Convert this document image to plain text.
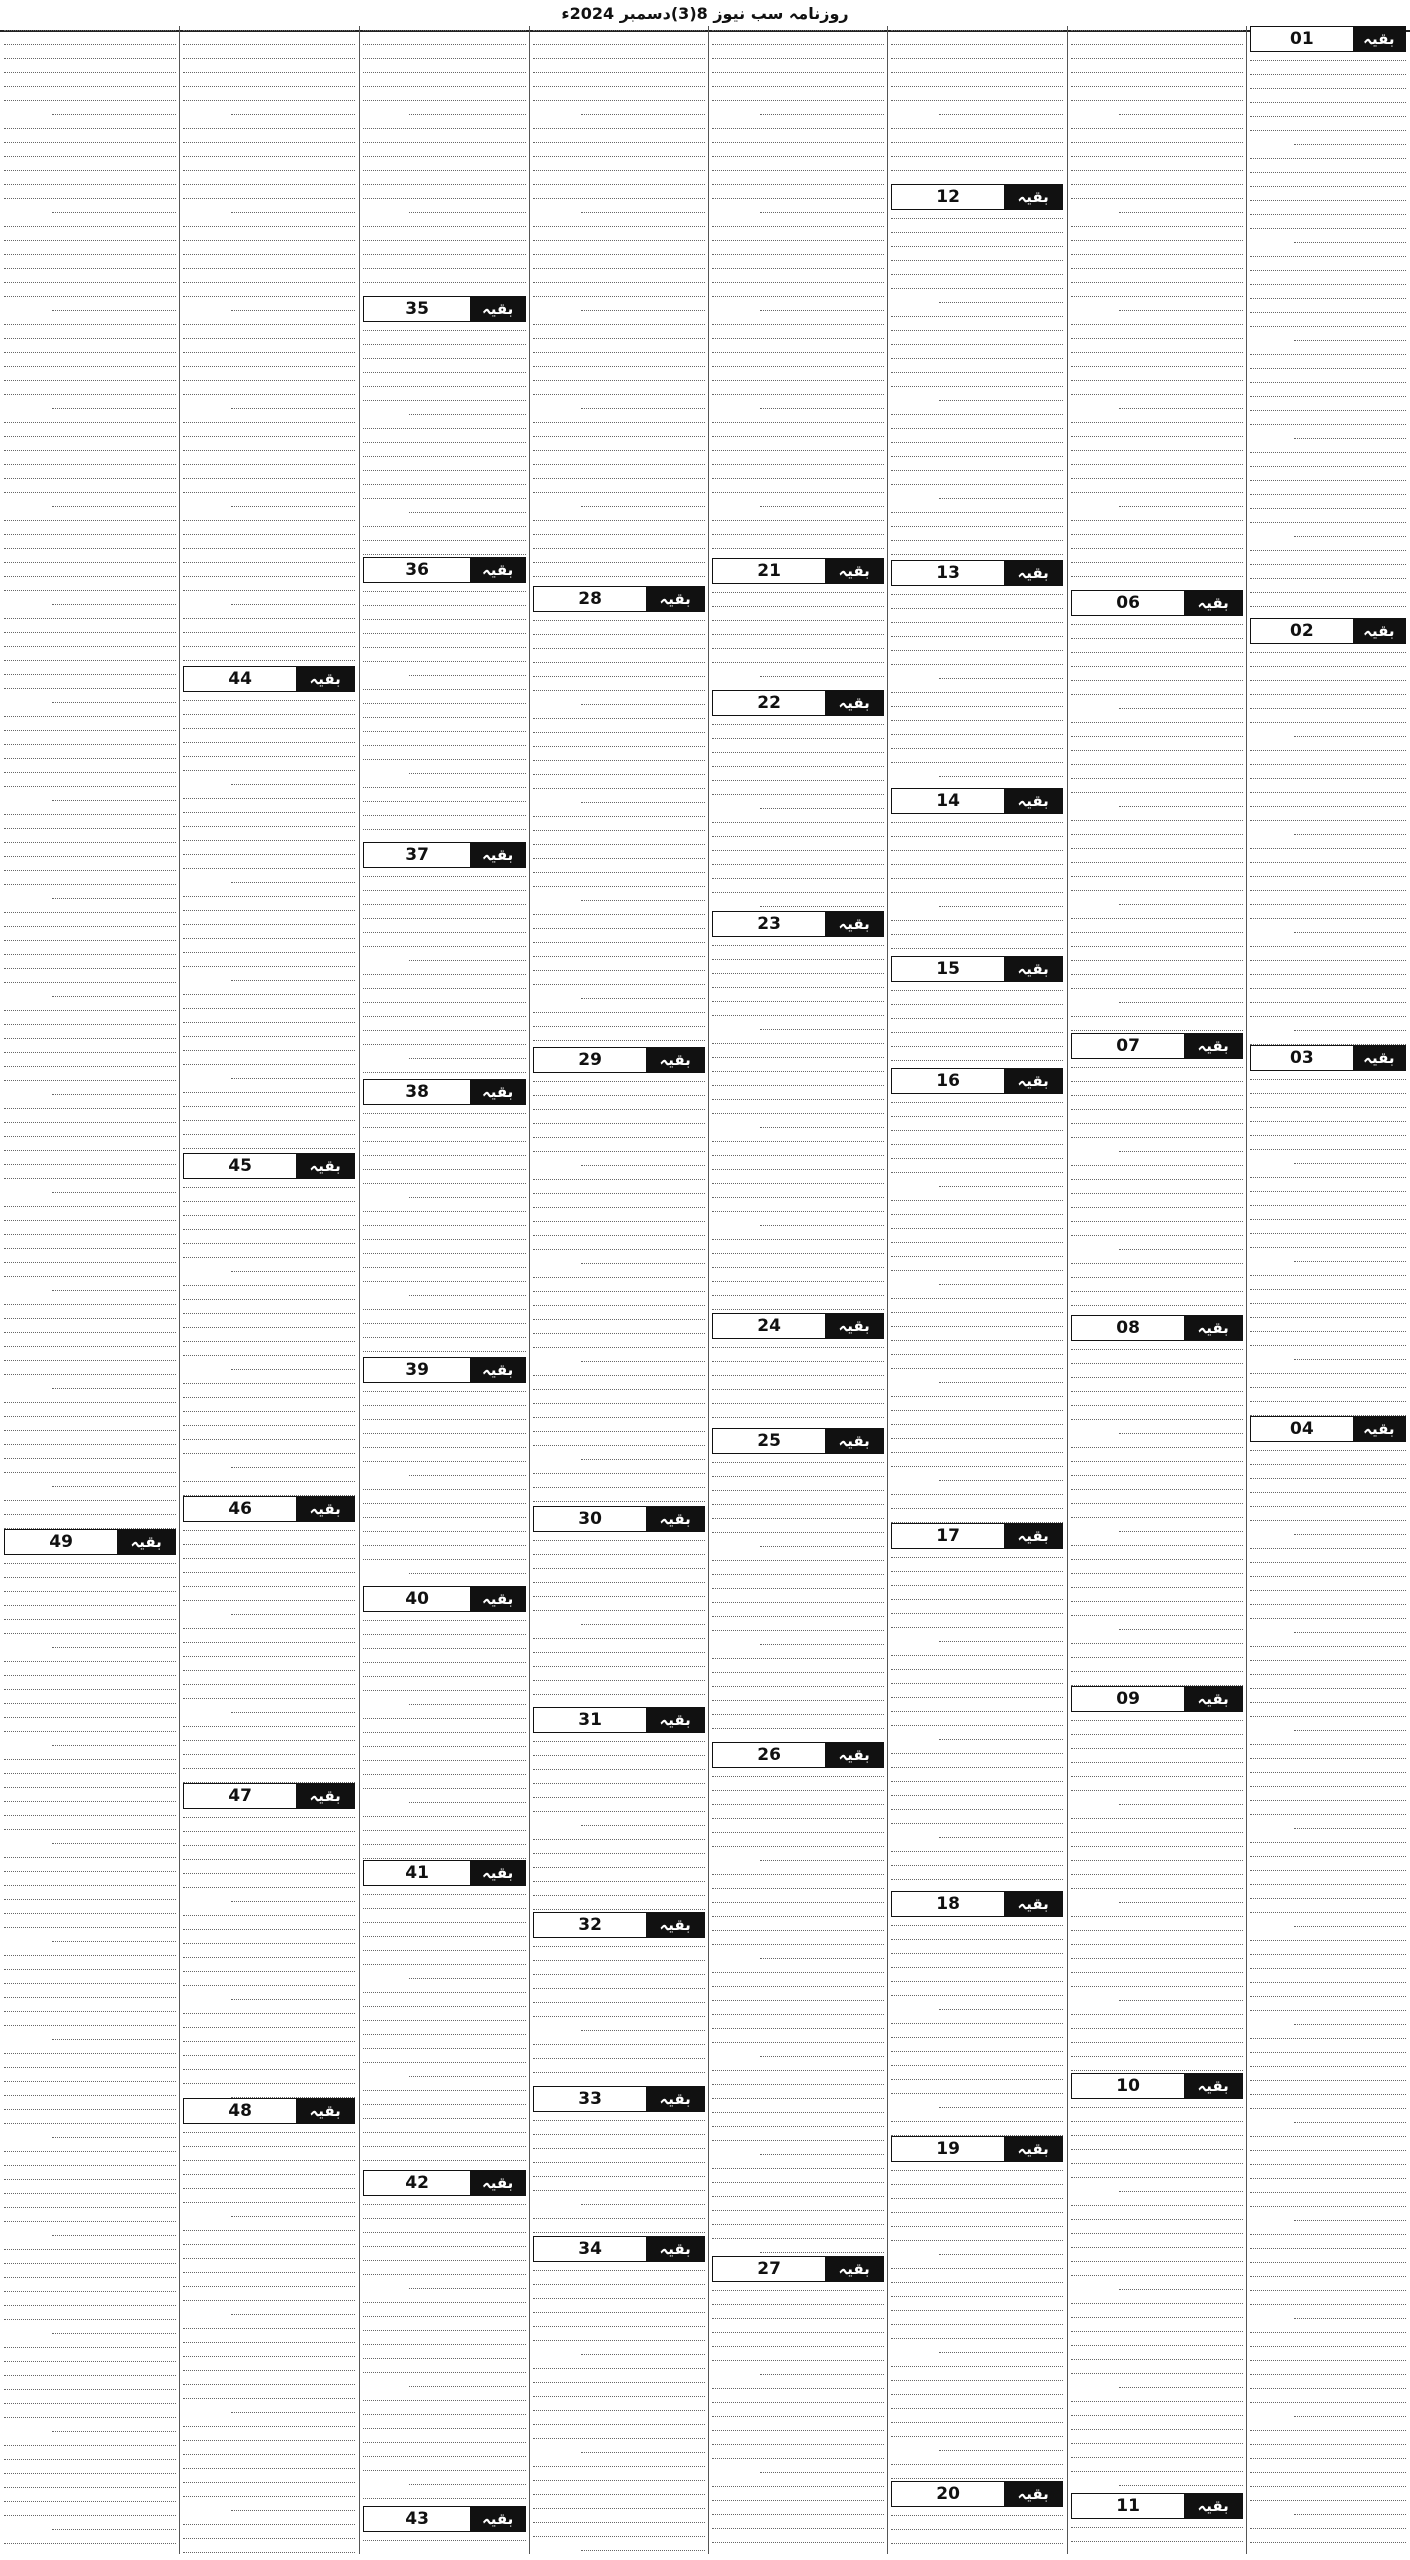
روزنامہ سب نیوز 8(3)دسمبر 2024ء
بقیہ
01
بقیہ
02
بقیہ
03
بقیہ
04
بقیہ
06
بقیہ
07
بقیہ
08
بقیہ
09
بقیہ
10
بقیہ
11
بقیہ
12
بقیہ
13
بقیہ
14
بقیہ
15
بقیہ
16
بقیہ
17
بقیہ
18
بقیہ
19
بقیہ
20
بقیہ
21
بقیہ
22
بقیہ
23
بقیہ
24
بقیہ
25
بقیہ
26
بقیہ
27
بقیہ
28
بقیہ
29
بقیہ
30
بقیہ
31
بقیہ
32
بقیہ
33
بقیہ
34
بقیہ
35
بقیہ
36
بقیہ
37
بقیہ
38
بقیہ
39
بقیہ
40
بقیہ
41
بقیہ
42
بقیہ
43
بقیہ
44
بقیہ
45
بقیہ
46
بقیہ
47
بقیہ
48
بقیہ
49
